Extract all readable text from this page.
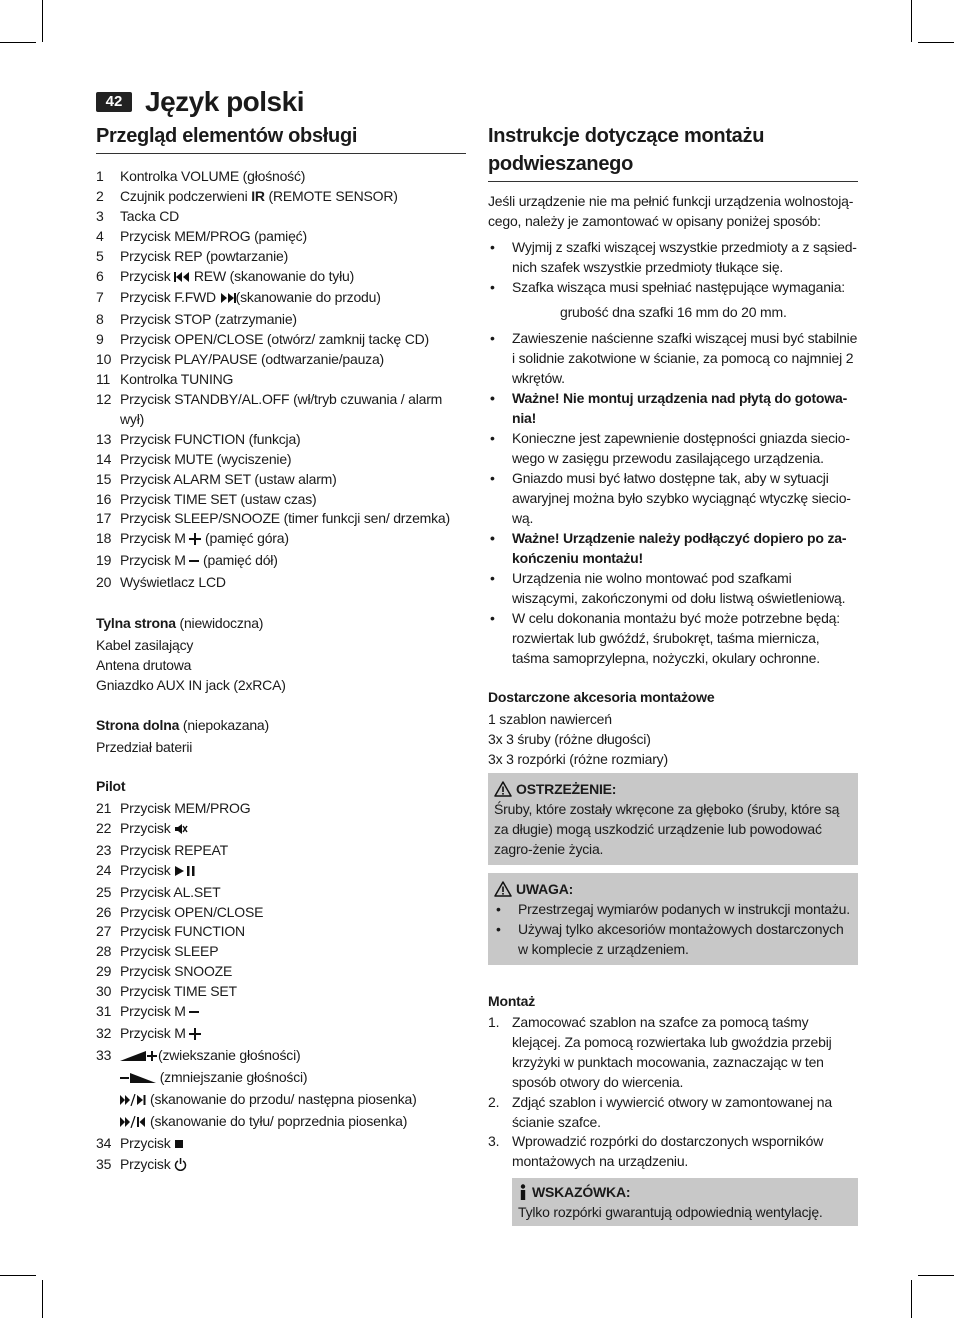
42 Język polski
Przegląd elementów obsługi
1 Kontrolka VOLUME (głośność)
2 Czujnik podczerwieni IR (REMOTE SENSOR)
3 Tacka CD
4 Przycisk MEM/PROG (pamięć)
5 Przycisk REP (powtarzanie)
6 Przycisk  REW (skanowanie do tyłu)
7 Przycisk F.FWD (skanowanie do przodu)
8 Przycisk STOP (zatrzymanie)
9 Przycisk OPEN/CLOSE (otwórz/ zamknij tackę CD)
10 Przycisk PLAY/PAUSE (odtwarzanie/pauza)
11 Kontrolka TUNING
12 Przycisk STANDBY/AL.OFF (wł/tryb czuwania / alarm wył)
13 Przycisk FUNCTION (funkcja)
14 Przycisk MUTE (wyciszenie)
15 Przycisk ALARM SET (ustaw alarm)
16 Przycisk TIME SET (ustaw czas)
17 Przycisk SLEEP/SNOOZE (timer funkcji sen/ drzemka)
18 Przycisk M  (pamięć góra)
19 Przycisk M  (pamięć dół)
20 Wyświetlacz LCD
Tylna strona (niewidoczna)

Kabel zasilający

Antena drutowa

Gniazdko AUX IN jack (2xRCA)

Strona dolna (niepokazana)

Przedział baterii

Pilot
21 Przycisk MEM/PROG
22 Przycisk
23 Przycisk REPEAT
24 Przycisk
25 Przycisk AL.SET
26 Przycisk OPEN/CLOSE
27 Przycisk FUNCTION
28 Przycisk SLEEP
29 Przycisk SNOOZE
30 Przycisk TIME SET
31 Przycisk M
32 Przycisk M
33	(zwiekszanie głośności)
(zmniejszanie głośności)
(skanowanie do przodu/ następna piosenka)
(skanowanie do tyłu/ poprzednia piosenka)
34 Przycisk
35 Przycisk
Instrukcje dotyczące montażu
podwieszanego

Jeśli urządzenie nie ma pełnić funkcji urządzenia wolnostoją-cego, należy je zamontować w opisany poniżej sposób:

• Wyjmij z szafki wiszącej wszystkie przedmioty a z sąsied-nich szafek wszystkie przedmioty tłukące się.
• Szafka wisząca musi spełniać następujące wymagania:
grubość dna szafki 16 mm do 20 mm.
• Zawieszenie naścienne szafki wiszącej musi być stabilnie i solidnie zakotwione w ścianie, za pomocą co najmniej 2 wkrętów.
• Ważne! Nie montuj urządzenia nad płytą do gotowa-nia!
• Konieczne jest zapewnienie dostępności gniazda siecio-wego w zasięgu przewodu zasilającego urządzenia.
• Gniazdo musi być łatwo dostępne tak, aby w sytuacji awaryjnej można było szybko wyciągnąć wtyczkę siecio-wą.
• Ważne! Urządzenie należy podłączyć dopiero po za-kończeniu montażu!
• Urządzenia nie wolno montować pod szafkami wiszącymi, zakończonymi od dołu listwą oświetleniową.
• W celu dokonania montażu być może potrzebne będą: rozwiertak lub gwóźdź, śrubokręt, taśma miernicza, taśma samoprzylepna, nożyczki, okulary ochronne.
Dostarczone akcesoria montażowe

1 szablon nawierceń

3x 3 śruby (różne długości)

3x 3 rozpórki (różne rozmiary)

OSTRZEŻENIE:
Śruby, które zostały wkręcone za głęboko (śruby, które są za długie) mogą uszkodzić urządzenie lub powodować zagro-żenie życia.
UWAGA:
• Przestrzegaj wymiarów podanych w instrukcji montażu.
• Używaj tylko akcesoriów montażowych dostarczonych w komplecie z urządzeniem.
Montaż
1. Zamocować szablon na szafce za pomocą taśmy klejącej. Za pomocą rozwiertaka lub gwoździa przebij krzyżyki w punktach mocowania, zaznaczając w ten sposób otwory do wiercenia.
2. Zdjąć szablon i wywiercić otwory w zamontowanej na ścianie szafce.
3. Wprowadzić rozpórki do dostarczonych wsporników montażowych na urządzeniu.
WSKAZÓWKA:
Tylko rozpórki gwarantują odpowiednią wentylację.
